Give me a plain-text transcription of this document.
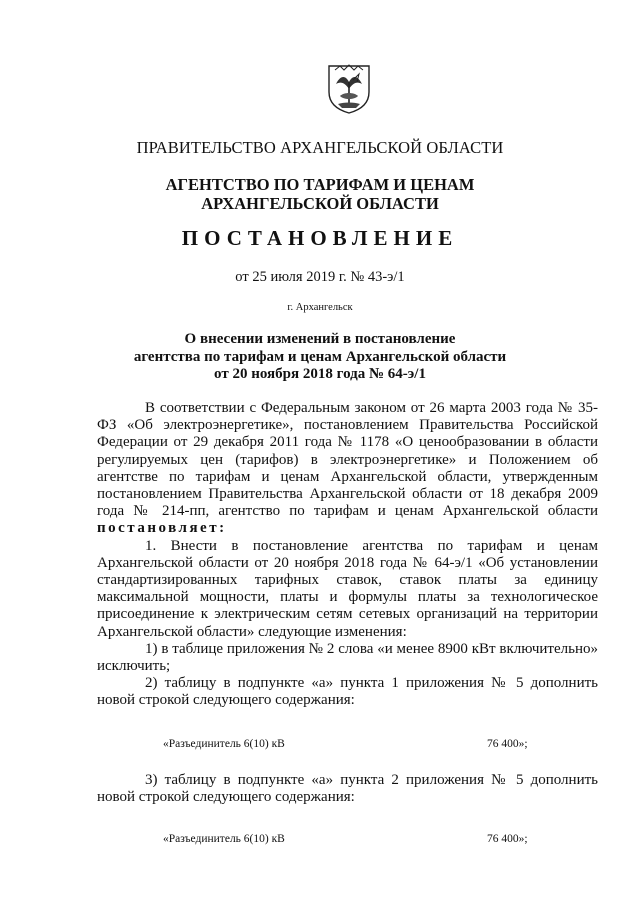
ПРАВИТЕЛЬСТВО АРХАНГЕЛЬСКОЙ ОБЛАСТИ
АГЕНТСТВО ПО ТАРИФАМ И ЦЕНАМ
АРХАНГЕЛЬСКОЙ ОБЛАСТИ
ПОСТАНОВЛЕНИЕ
от 25 июля 2019 г. № 43-э/1
г. Архангельск
О внесении изменений в постановление
агентства по тарифам и ценам Архангельской области
от 20 ноября 2018 года № 64-э/1

В соответствии с Федеральным законом от 26 марта 2003 года № 35-ФЗ «Об электроэнергетике», постановлением Правительства Российской Федерации от 29 декабря 2011 года № 1178 «О ценообразовании в области регулируемых цен (тарифов) в электроэнергетике» и Положением об агентстве по тарифам и ценам Архангельской области, утвержденным постановлением Правительства Архангельской области от 18 декабря 2009 года № 214-пп, агентство по тарифам и ценам Архангельской области постановляет:

1. Внести в постановление агентства по тарифам и ценам Архангельской области от 20 ноября 2018 года № 64-э/1 «Об установлении стандартизированных тарифных ставок, ставок платы за единицу максимальной мощности, платы и формулы платы за технологическое присоединение к электрическим сетям сетевых организаций на территории Архангельской области» следующие изменения:

1) в таблице приложения № 2 слова «и менее 8900 кВт включительно» исключить;

2) таблицу в подпункте «а» пункта 1 приложения № 5 дополнить новой строкой следующего содержания:

«Разъединитель 6(10) кВ	76 400»;

3) таблицу в подпункте «а» пункта 2 приложения № 5 дополнить новой строкой следующего содержания:

«Разъединитель 6(10) кВ	76 400»;
